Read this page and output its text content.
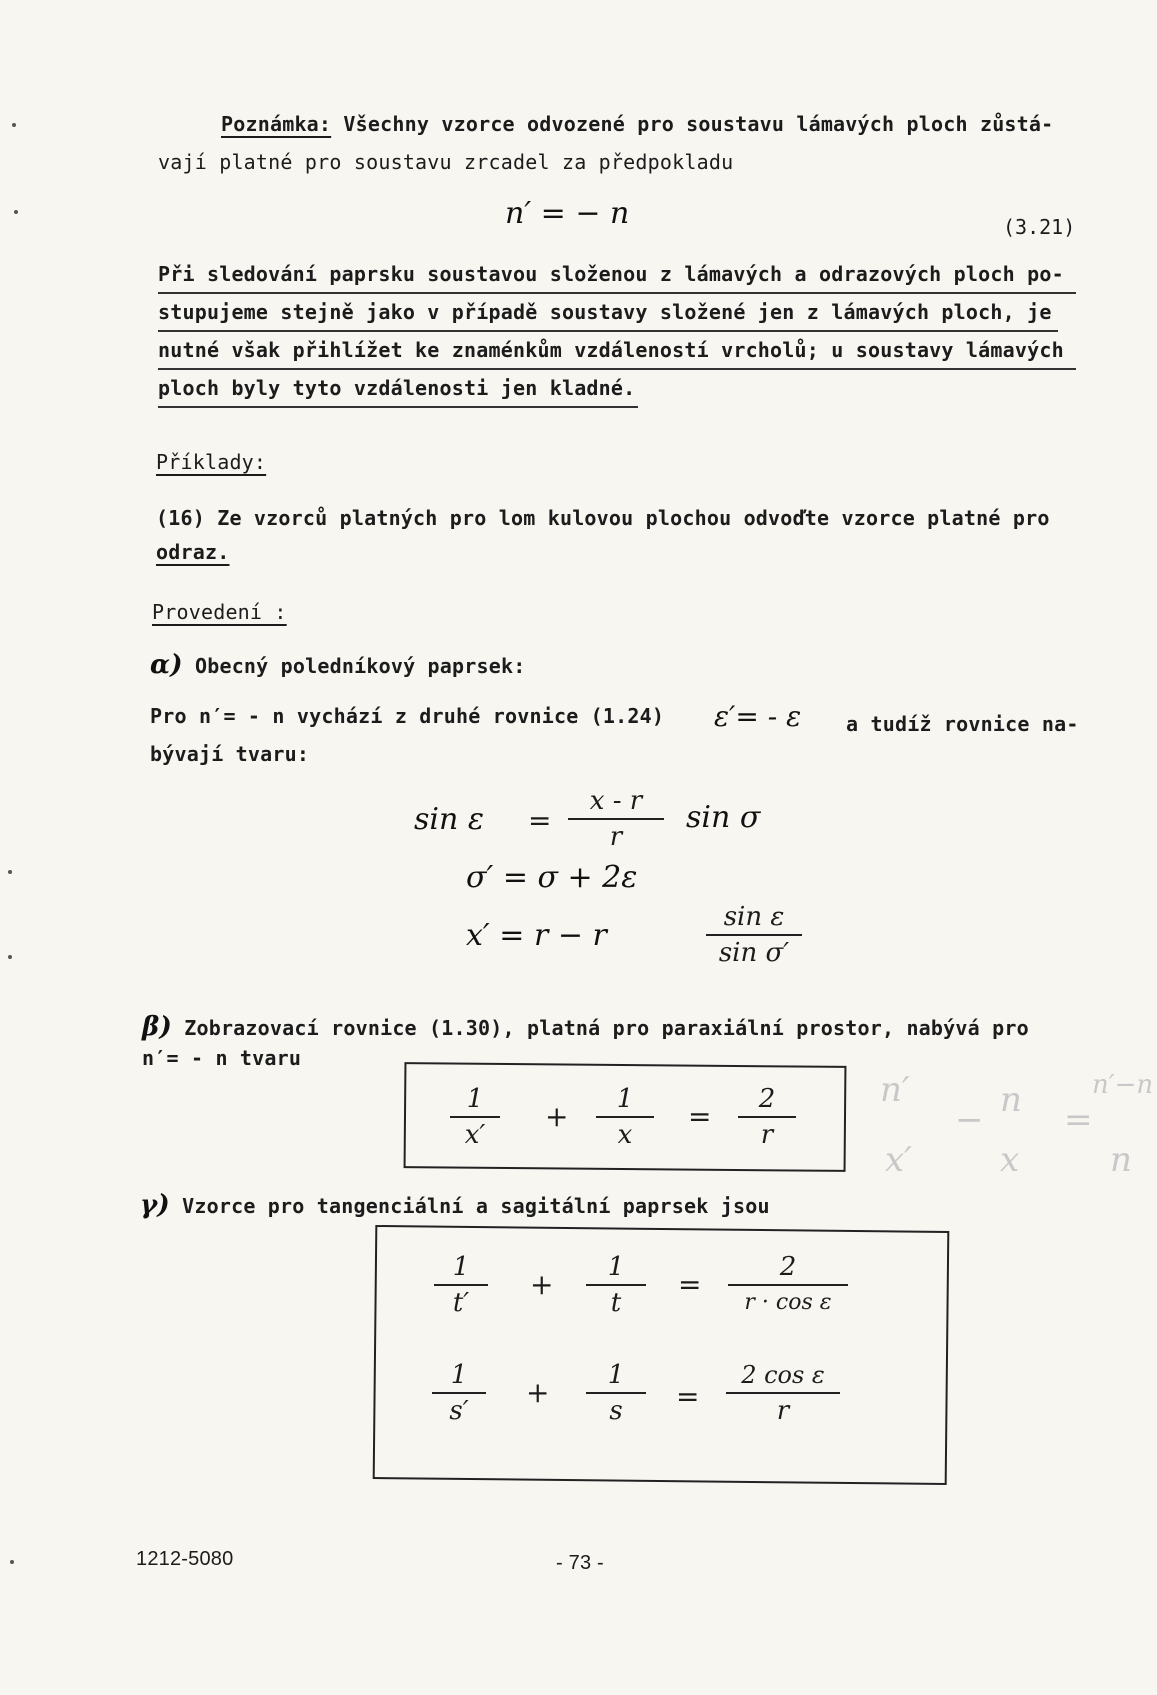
Poznámka: Všechny vzorce odvozené pro soustavu lámavých ploch zůstá-
vají platné pro soustavu zrcadel za předpokladu
n′ = − n	(3.21)
Při sledování paprsku soustavou složenou z lámavých a odrazových ploch po-
stupujeme stejně jako v případě soustavy složené jen z lámavých ploch, je
nutné však přihlížet ke znaménkům vzdáleností vrcholů; u soustavy lámavých
ploch byly tyto vzdálenosti jen kladné.
Příklady:
(16) Ze vzorců platných pro lom kulovou plochou odvoďte vzorce platné pro
odraz.
Provedení :
α) Obecný poledníkový paprsek:
Pro n′= - n vychází z druhé rovnice (1.24) ε′= - ε a tudíž rovnice na-
bývají tvaru:
sin ε =
x - r
r
sin σ
σ′ = σ + 2ε
x′ = r − r
sin ε
sin σ′
β) Zobrazovací rovnice (1.30), platná pro paraxiální prostor, nabývá pro
n′= - n tvaru
1
x′
+
1
x
=
2
r
n′
x′
− n
x
=
n′−n
n
γ) Vzorce pro tangenciální a sagitální paprsek jsou
1
t′
+
1
t
=
2
r · cos ε
1
s′
+
1
s	=
2 cos ε
r
1212-5080	- 73 -
